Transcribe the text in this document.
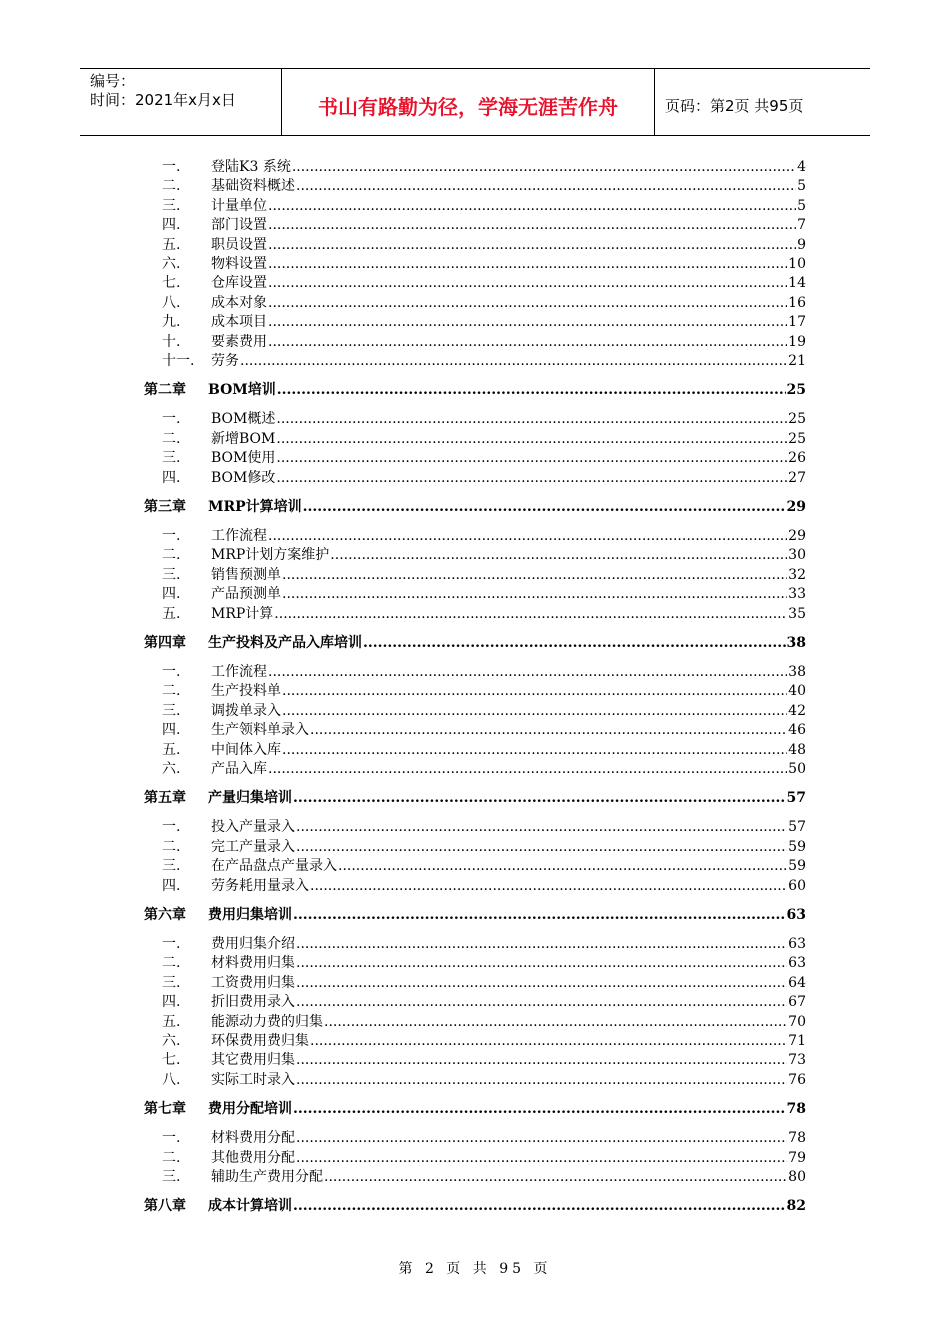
编号：
时间：2021年x月x日	书山有路勤为径，学海无涯苦作舟	页码：第2页 共95页
一.	登陆K3 系统 .....	4
二.	基础资料概述 .....	5
三.	计量单位 .....	5
四.	部门设置 .....	7
五.	职员设置 .....	9
六.	物料设置 .....	10
七.	仓库设置 .....	14
八.	成本对象 .....	16
九.	成本项目 .....	17
十.	要素费用 .....	19
十一.	劳务 .....	21
第二章	BOM培训 .....	25
一.	BOM概述 .....	25
二.	新增BOM .....	25
三.	BOM使用 .....	26
四.	BOM修改 .....	27
第三章	MRP计算培训 .....	29
一.	工作流程 .....	29
二.	MRP计划方案维护 .....	30
三.	销售预测单 .....	32
四.	产品预测单 .....	33
五.	MRP计算 .....	35
第四章	生产投料及产品入库培训 .....	38
一.	工作流程 .....	38
二.	生产投料单 .....	40
三.	调拨单录入 .....	42
四.	生产领料单录入 .....	46
五.	中间体入库 .....	48
六.	产品入库 .....	50
第五章	产量归集培训 .....	57
一.	投入产量录入 .....	57
二.	完工产量录入 .....	59
三.	在产品盘点产量录入 .....	59
四.	劳务耗用量录入 .....	60
第六章	费用归集培训 .....	63
一.	费用归集介绍 .....	63
二.	材料费用归集 .....	63
三.	工资费用归集 .....	64
四.	折旧费用录入 .....	67
五.	能源动力费的归集 .....	70
六.	环保费用费归集 .....	71
七.	其它费用归集 .....	73
八.	实际工时录入 .....	76
第七章	费用分配培训 .....	78
一.	材料费用分配 .....	78
二.	其他费用分配 .....	79
三.	辅助生产费用分配 .....	80
第八章	成本计算培训 .....	82
第 2 页 共 95 页
